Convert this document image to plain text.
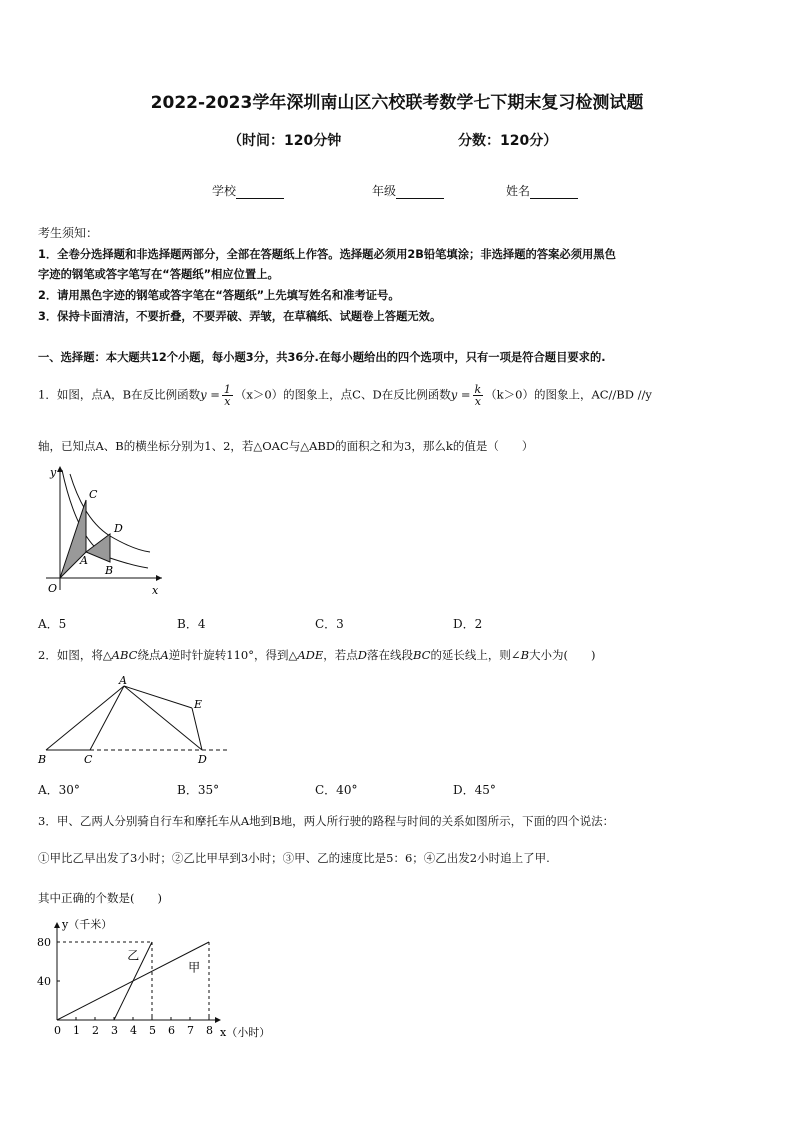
2022-2023学年深圳南山区六校联考数学七下期末复习检测试题
（时间：120分钟	分数：120分）
学校	年级	姓名
考生须知：
1．全卷分选择题和非选择题两部分，全部在答题纸上作答。选择题必须用2B铅笔填涂；非选择题的答案必须用黑色
字迹的钢笔或答字笔写在“答题纸”相应位置上。
2．请用黑色字迹的钢笔或答字笔在“答题纸”上先填写姓名和准考证号。
3．保持卡面清洁，不要折叠，不要弄破、弄皱，在草稿纸、试题卷上答题无效。
一、选择题：本大题共12个小题，每小题3分，共36分.在每小题给出的四个选项中，只有一项是符合题目要求的.
1．如图，点A，B在反比例函数$y = \frac{1}{x} (x>0)$的图象上，点C、D在反比例函数$y = \frac{k}{x} (k>0)$的图象上，AC//BD //y
轴，已知点A、B的横坐标分别为1、2，若△OAC与△ABD的面积之和为3，那么k的值是（　　）
y
x
O
C
D
A
B
A．5	B．4	C．3	D．2
2．如图，将△ABC绕点A逆时针旋转110°，得到△ADE，若点D落在线段BC的延长线上，则∠B大小为(　　)
A
B	C	D
E
A．30°	B．35°	C．40°	D．45°
3．甲、乙两人分别骑自行车和摩托车从A地到B地，两人所行驶的路程与时间的关系如图所示，下面的四个说法：
①甲比乙早出发了3小时；②乙比甲早到3小时；③甲、乙的速度比是5：6；④乙出发2小时追上了甲.
其中正确的个数是(　　)
y（千米）
x（小时）
0 1 2 3 4 5 6 7 8
40
80
甲
乙
